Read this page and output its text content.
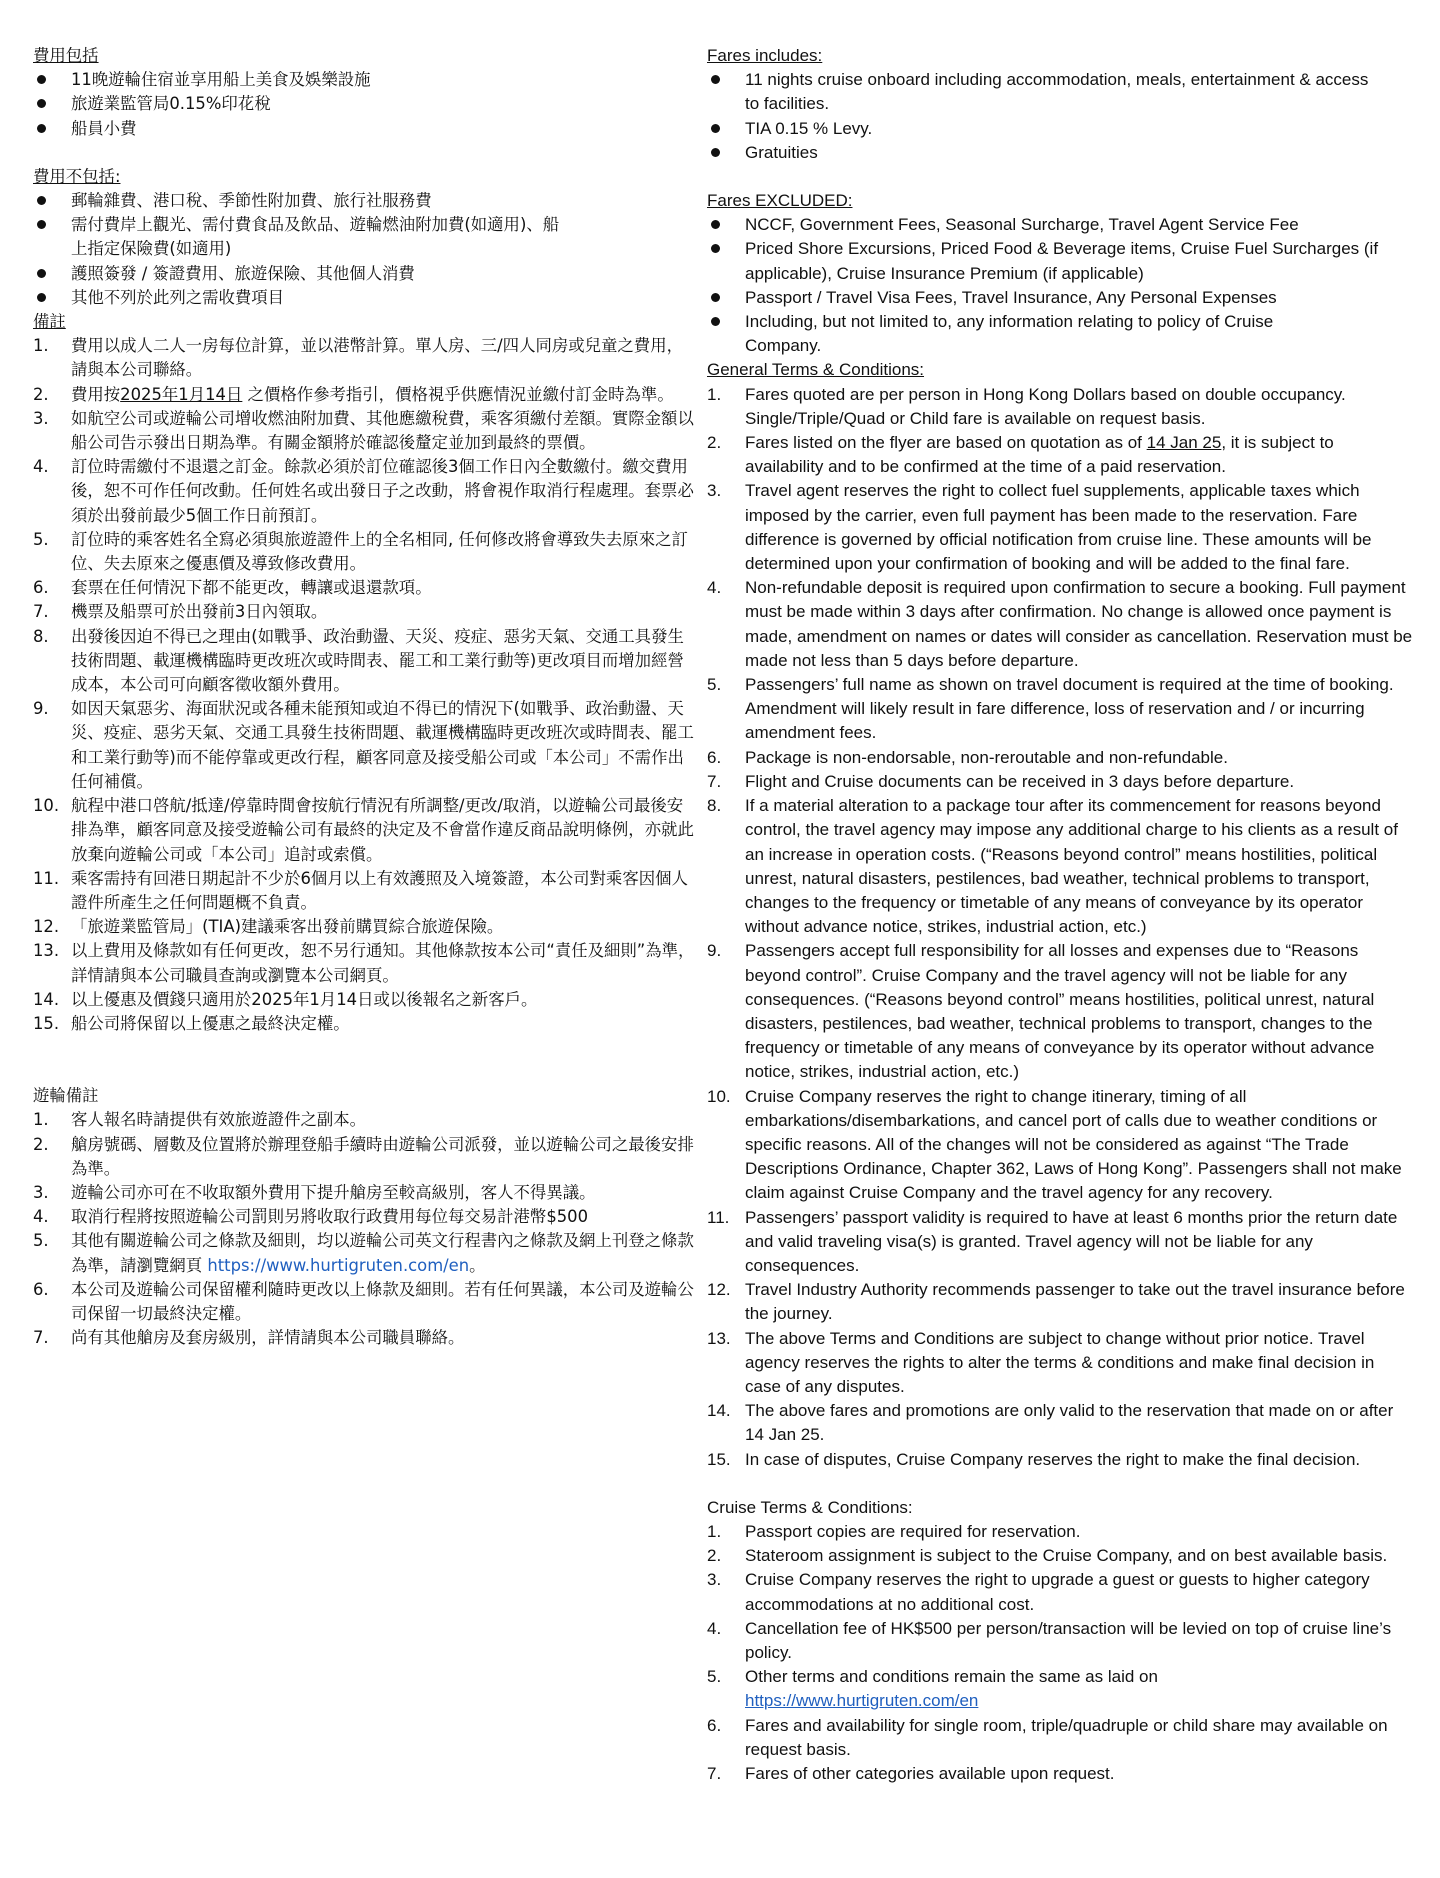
費用包括
11晚遊輪住宿並享用船上美食及娛樂設施
旅遊業監管局0.15%印花稅
船員小費
費用不包括:
郵輪雜費、港口稅、季節性附加費、旅行社服務費
需付費岸上觀光、需付費食品及飲品、遊輪燃油附加費(如適用)、船上指定保險費(如適用)
護照簽發 / 簽證費用、旅遊保險、其他個人消費
其他不列於此列之需收費項目
備註
1.	費用以成人二人一房每位計算，並以港幣計算。單人房、三/四人同房或兒童之費用，請與本公司聯絡。
2.	費用按2025年1月14日 之價格作參考指引，價格視乎供應情況並繳付訂金時為準。
3.	如航空公司或遊輪公司增收燃油附加費、其他應繳稅費，乘客須繳付差額。實際金額以船公司告示發出日期為準。有關金額將於確認後釐定並加到最終的票價。
4.	訂位時需繳付不退還之訂金。餘款必須於訂位確認後3個工作日內全數繳付。繳交費用後，恕不可作任何改動。任何姓名或出發日子之改動，將會視作取消行程處理。套票必須於出發前最少5個工作日前預訂。
5.	訂位時的乘客姓名全寫必須與旅遊證件上的全名相同, 任何修改將會導致失去原來之訂位、失去原來之優惠價及導致修改費用。
6.	套票在任何情況下都不能更改，轉讓或退還款項。
7.	機票及船票可於出發前3日內領取。
8.	出發後因迫不得已之理由(如戰爭、政治動盪、天災、疫症、惡劣天氣、交通工具發生技術問題、載運機構臨時更改班次或時間表、罷工和工業行動等)更改項目而增加經營成本，本公司可向顧客徵收額外費用。
9.	如因天氣惡劣、海面狀況或各種未能預知或迫不得已的情況下(如戰爭、政治動盪、天災、疫症、惡劣天氣、交通工具發生技術問題、載運機構臨時更改班次或時間表、罷工和工業行動等)而不能停靠或更改行程，顧客同意及接受船公司或「本公司」不需作出任何補償。
10. 航程中港口啓航/抵達/停靠時間會按航行情況有所調整/更改/取消，以遊輪公司最後安排為準，顧客同意及接受遊輪公司有最終的決定及不會當作違反商品說明條例，亦就此放棄向遊輪公司或「本公司」追討或索償。
11. 乘客需持有回港日期起計不少於6個月以上有效護照及入境簽證，本公司對乘客因個人證件所產生之任何問題概不負責。
12. 「旅遊業監管局」(TIA)建議乘客出發前購買綜合旅遊保險。
13. 以上費用及條款如有任何更改，恕不另行通知。其他條款按本公司“責任及細則”為準，詳情請與本公司職員查詢或瀏覽本公司網頁。
14. 以上優惠及價錢只適用於2025年1月14日或以後報名之新客戶。
15. 船公司將保留以上優惠之最終決定權。
遊輪備註
1.	客人報名時請提供有效旅遊證件之副本。
2.	艙房號碼、層數及位置將於辦理登船手續時由遊輪公司派發，並以遊輪公司之最後安排為準。
3.	遊輪公司亦可在不收取額外費用下提升艙房至較高級別，客人不得異議。
4.	取消行程將按照遊輪公司罰則另將收取行政費用每位每交易計港幣$500
5.	其他有關遊輪公司之條款及細則，均以遊輪公司英文行程書內之條款及網上刊登之條款為準，請瀏覽網頁 https://www.hurtigruten.com/en。
6.	本公司及遊輪公司保留權利隨時更改以上條款及細則。若有任何異議，本公司及遊輪公司保留一切最終決定權。
7.	尚有其他艙房及套房級別，詳情請與本公司職員聯絡。
Fares includes:
11 nights cruise onboard including accommodation, meals, entertainment & access to facilities.
TIA 0.15 % Levy.
Gratuities
Fares EXCLUDED:
NCCF, Government Fees, Seasonal Surcharge, Travel Agent Service Fee
Priced Shore Excursions, Priced Food & Beverage items, Cruise Fuel Surcharges (if applicable), Cruise Insurance Premium (if applicable)
Passport / Travel Visa Fees, Travel Insurance, Any Personal Expenses
Including, but not limited to, any information relating to policy of Cruise Company.
General Terms & Conditions:
1.	Fares quoted are per person in Hong Kong Dollars based on double occupancy. Single/Triple/Quad or Child fare is available on request basis.
2.	Fares listed on the flyer are based on quotation as of 14 Jan 25, it is subject to availability and to be confirmed at the time of a paid reservation.
3.	Travel agent reserves the right to collect fuel supplements, applicable taxes which imposed by the carrier, even full payment has been made to the reservation. Fare difference is governed by official notification from cruise line. These amounts will be determined upon your confirmation of booking and will be added to the final fare.
4.	Non-refundable deposit is required upon confirmation to secure a booking. Full payment must be made within 3 days after confirmation. No change is allowed once payment is made, amendment on names or dates will consider as cancellation. Reservation must be made not less than 5 days before departure.
5.	Passengers’ full name as shown on travel document is required at the time of booking. Amendment will likely result in fare difference, loss of reservation and / or incurring amendment fees.
6.	Package is non-endorsable, non-reroutable and non-refundable.
7.	Flight and Cruise documents can be received in 3 days before departure.
8.	If a material alteration to a package tour after its commencement for reasons beyond control, the travel agency may impose any additional charge to his clients as a result of an increase in operation costs. (“Reasons beyond control” means hostilities, political unrest, natural disasters, pestilences, bad weather, technical problems to transport, changes to the frequency or timetable of any means of conveyance by its operator without advance notice, strikes, industrial action, etc.)
9.	Passengers accept full responsibility for all losses and expenses due to “Reasons beyond control”. Cruise Company and the travel agency will not be liable for any consequences. (“Reasons beyond control” means hostilities, political unrest, natural disasters, pestilences, bad weather, technical problems to transport, changes to the frequency or timetable of any means of conveyance by its operator without advance notice, strikes, industrial action, etc.)
10. Cruise Company reserves the right to change itinerary, timing of all embarkations/disembarkations, and cancel port of calls due to weather conditions or specific reasons. All of the changes will not be considered as against “The Trade Descriptions Ordinance, Chapter 362, Laws of Hong Kong”. Passengers shall not make claim against Cruise Company and the travel agency for any recovery.
11. Passengers’ passport validity is required to have at least 6 months prior the return date and valid traveling visa(s) is granted. Travel agency will not be liable for any consequences.
12. Travel Industry Authority recommends passenger to take out the travel insurance before the journey.
13. The above Terms and Conditions are subject to change without prior notice. Travel agency reserves the rights to alter the terms & conditions and make final decision in case of any disputes.
14. The above fares and promotions are only valid to the reservation that made on or after 14 Jan 25.
15. In case of disputes, Cruise Company reserves the right to make the final decision.
Cruise Terms & Conditions:
1.	Passport copies are required for reservation.
2.	Stateroom assignment is subject to the Cruise Company, and on best available basis.
3.	Cruise Company reserves the right to upgrade a guest or guests to higher category accommodations at no additional cost.
4.	Cancellation fee of HK$500 per person/transaction will be levied on top of cruise line’s policy.
5.	Other terms and conditions remain the same as laid on
https://www.hurtigruten.com/en
6.	Fares and availability for single room, triple/quadruple or child share may available on request basis.
7.	Fares of other categories available upon request.
